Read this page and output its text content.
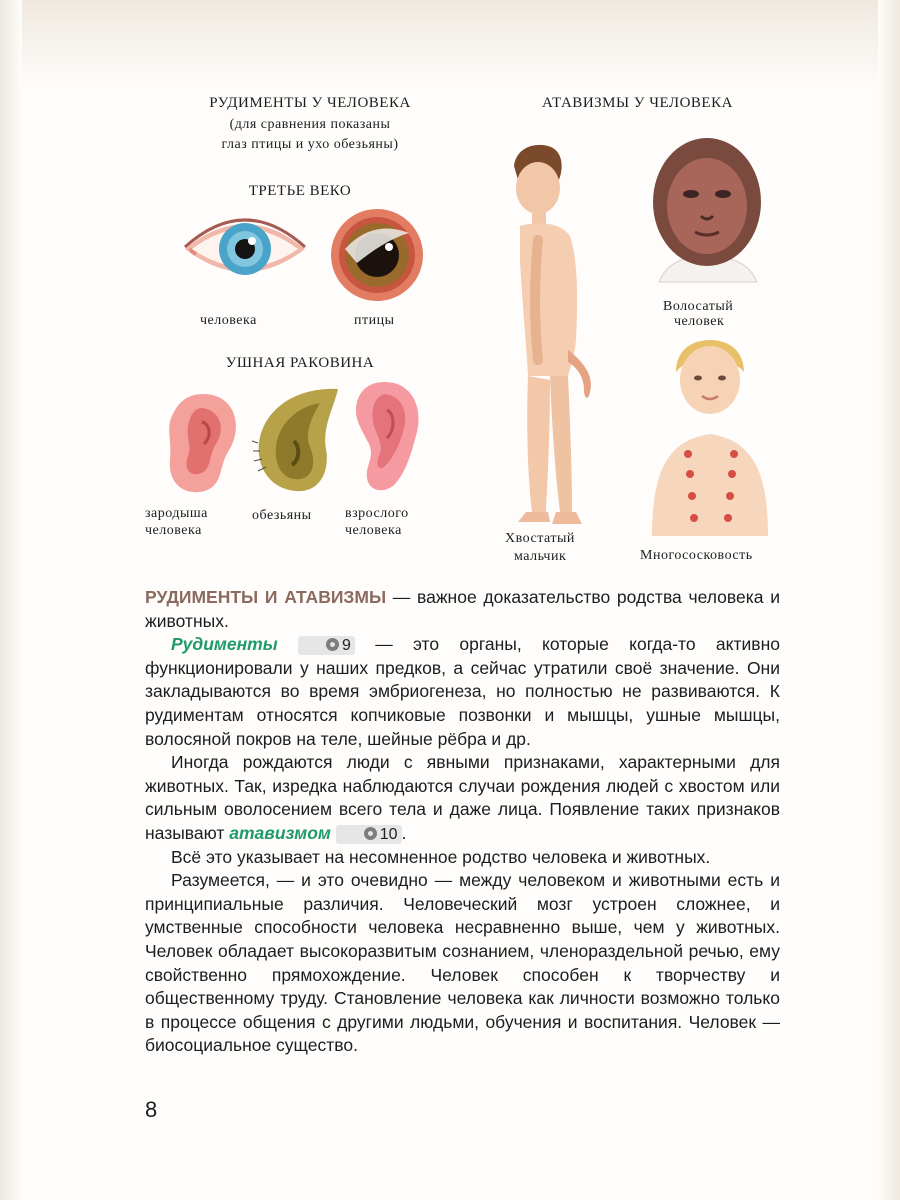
РУДИМЕНТЫ У ЧЕЛОВЕКА
(для сравнения показаны
глаз птицы и ухо обезьяны)
ТРЕТЬЕ ВЕКО
человека	птицы
УШНАЯ РАКОВИНА
зародыша
человека
обезьяны взрослого
человека
АТАВИЗМЫ У ЧЕЛОВЕКА
Хвостатый
мальчик
Волосатый
человек
Многососковость

РУДИМЕНТЫ И АТАВИЗМЫ — важное доказательство родства человека и животных.

Рудименты	9 — это органы, которые когда-то активно функционировали у наших предков, а сейчас утратили своё значение. Они закладываются во время эмбриогенеза, но полностью не развиваются. К рудиментам относятся копчиковые позвонки и мышцы, ушные мышцы, волосяной покров на теле, шейные рёбра и др.

Иногда рождаются люди с явными признаками, характерными для животных. Так, изредка наблюдаются случаи рождения людей с хвостом или сильным оволосением всего тела и даже лица. Появление таких признаков называют атавизмом	10 .

Всё это указывает на несомненное родство человека и животных.

Разумеется, — и это очевидно — между человеком и животными есть и принципиальные различия. Человеческий мозг устроен сложнее, и умственные способности человека несравненно выше, чем у животных. Человек обладает высокоразвитым сознанием, членораздельной речью, ему свойственно прямохождение. Человек способен к творчеству и общественному труду. Становление человека как личности возможно только в процессе общения с другими людьми, обучения и воспитания. Человек — биосоциальное существо.

8
